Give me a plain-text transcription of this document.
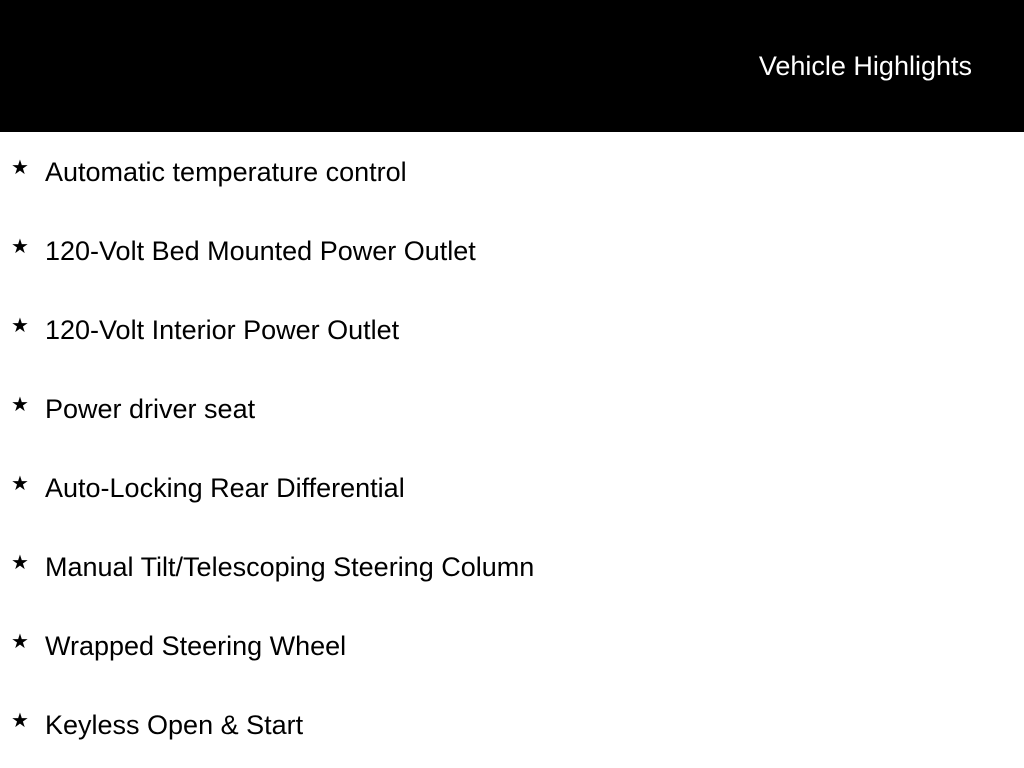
Vehicle Highlights
★ Automatic temperature control
★ 120-Volt Bed Mounted Power Outlet
★ 120-Volt Interior Power Outlet
★ Power driver seat
★ Auto-Locking Rear Differential
★ Manual Tilt/Telescoping Steering Column
★ Wrapped Steering Wheel
★ Keyless Open & Start
